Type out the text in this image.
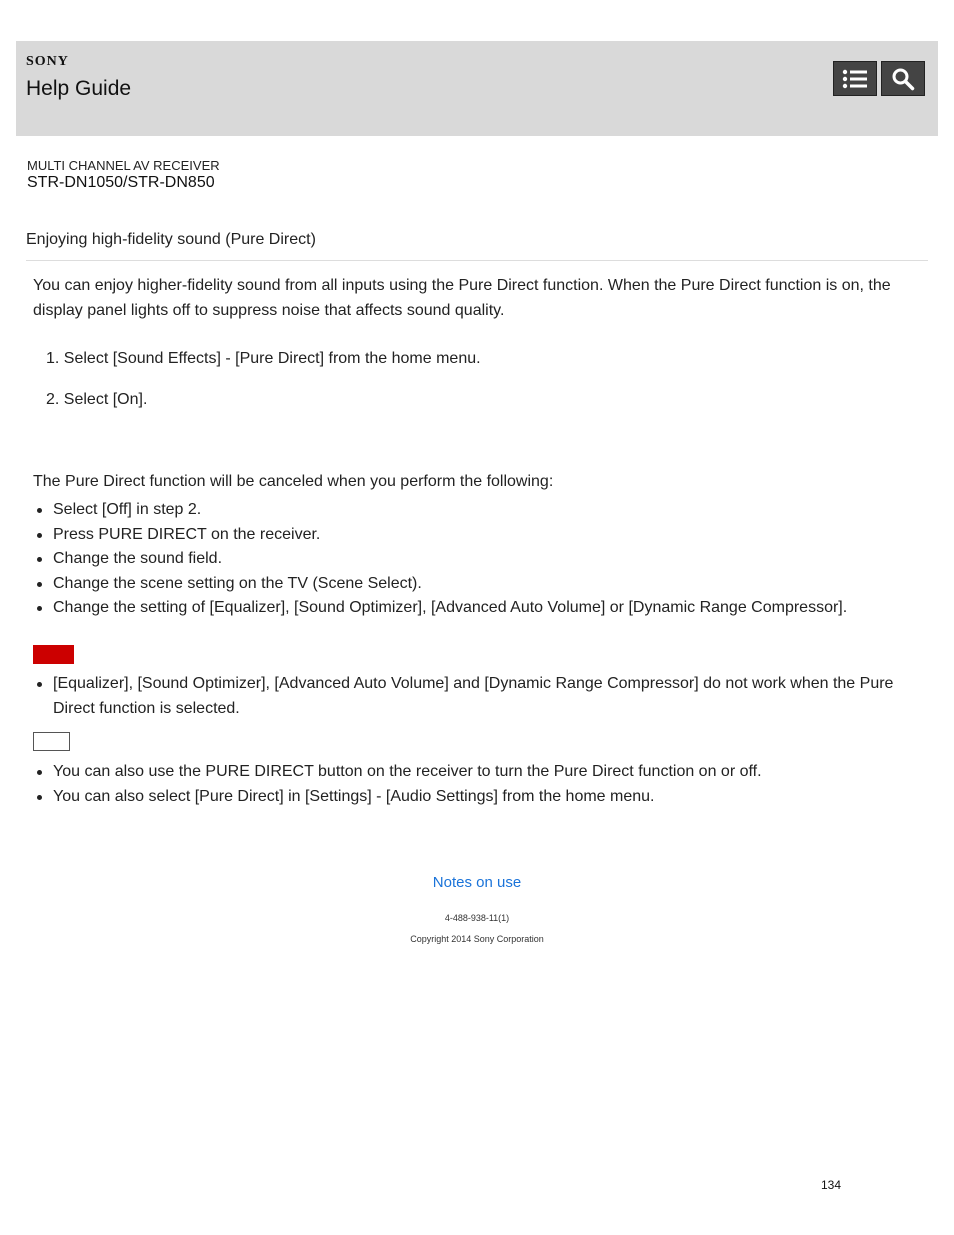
SONY
Help Guide
MULTI CHANNEL AV RECEIVER
STR-DN1050/STR-DN850
Enjoying high-fidelity sound (Pure Direct)
You can enjoy higher-fidelity sound from all inputs using the Pure Direct function. When the Pure Direct function is on, the display panel lights off to suppress noise that affects sound quality.
1. Select [Sound Effects] - [Pure Direct] from the home menu.
2. Select [On].
The Pure Direct function will be canceled when you perform the following:
Select [Off] in step 2.
Press PURE DIRECT on the receiver.
Change the sound field.
Change the scene setting on the TV (Scene Select).
Change the setting of [Equalizer], [Sound Optimizer], [Advanced Auto Volume] or [Dynamic Range Compressor].
[Equalizer], [Sound Optimizer], [Advanced Auto Volume] and [Dynamic Range Compressor] do not work when the Pure Direct function is selected.
You can also use the PURE DIRECT button on the receiver to turn the Pure Direct function on or off.
You can also select [Pure Direct] in [Settings] - [Audio Settings] from the home menu.
Notes on use
4-488-938-11(1)
Copyright 2014 Sony Corporation
134
